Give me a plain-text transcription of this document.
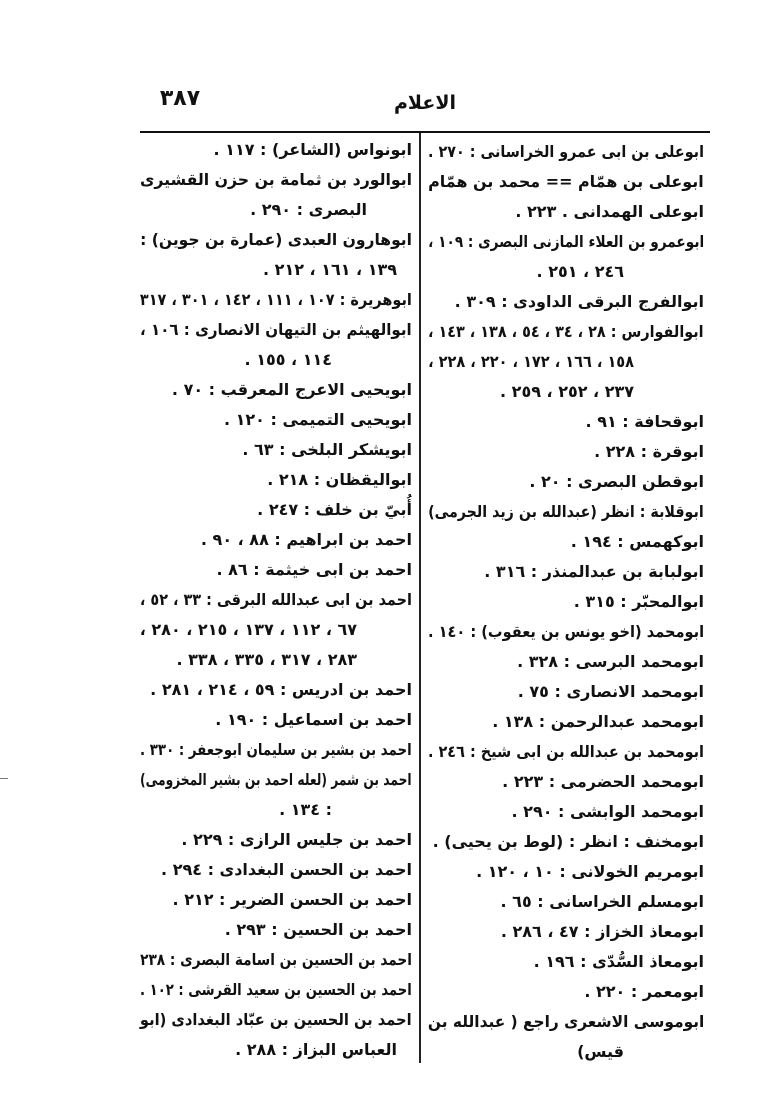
٣٨٧	الاعلام
ابوعلى بن ابى عمرو الخراسانى : ٢٧٠ .
ابوعلى بن همّام == محمد بن همّام
ابوعلى الهمدانى . ٢٢٣ .
ابوعمرو بن العلاء المازنى البصرى : ١٠٩ ،
٢٤٦ ، ٢٥١ .
ابوالفرج البرقى الداودى : ٣٠٩ .
ابوالفوارس : ٢٨ ، ٣٤ ، ٥٤ ، ١٣٨ ، ١٤٣ ،
١٥٨ ، ١٦٦ ، ١٧٢ ، ٢٢٠ ، ٢٢٨ ،
٢٣٧ ، ٢٥٢ ، ٢٥٩ .
ابوقحافة : ٩١ .
ابوقرة : ٢٢٨ .
ابوقطن البصرى : ٢٠ .
ابوقلابة : انظر (عبدالله بن زيد الجرمى)
ابوكهمس : ١٩٤ .
ابولبابة بن عبدالمنذر : ٣١٦ .
ابوالمحبّر : ٣١٥ .
ابومحمد (اخو يونس بن يعقوب) : ١٤٠ .
ابومحمد البرسى : ٣٢٨ .
ابومحمد الانصارى : ٧٥ .
ابومحمد عبدالرحمن : ١٣٨ .
ابومحمد بن عبدالله بن ابى شيخ : ٢٤٦ .
ابومحمد الحضرمى : ٢٢٣ .
ابومحمد الوابشى : ٢٩٠ .
ابومخنف : انظر : (لوط بن يحيى) .
ابومريم الخولانى : ١٠ ، ١٢٠ .
ابومسلم الخراسانى : ٦٥ .
ابومعاذ الخزاز : ٤٧ ، ٢٨٦ .
ابومعاذ السُّدّى : ١٩٦ .
ابومعمر : ٢٢٠ .
ابوموسى الاشعرى راجع ( عبدالله بن
قيس)
ابونواس (الشاعر) : ١١٧ .
ابوالورد بن ثمامة بن حزن القشيرى
البصرى : ٢٩٠ .
ابوهارون العبدى (عمارة بن جوين) :
١٣٩ ، ١٦١ ، ٢١٢ .
ابوهريرة : ١٠٧ ، ١١١ ، ١٤٢ ، ٣٠١ ، ٣١٧
ابوالهيثم بن التيهان الانصارى : ١٠٦ ،
١١٤ ، ١٥٥ .
ابويحيى الاعرج المعرقب : ٧٠ .
ابويحيى التميمى : ١٢٠ .
ابويشكر البلخى : ٦٣ .
ابواليقظان : ٢١٨ .
أُبيّ بن خلف : ٢٤٧ .
احمد بن ابراهيم : ٨٨ ، ٩٠ .
احمد بن ابى خيثمة : ٨٦ .
احمد بن ابى عبدالله البرقى : ٣٣ ، ٥٢ ،
٦٧ ، ١١٢ ، ١٣٧ ، ٢١٥ ، ٢٨٠ ،
٢٨٣ ، ٣١٧ ، ٣٣٥ ، ٣٣٨ .
احمد بن ادريس : ٥٩ ، ٢١٤ ، ٢٨١ .
احمد بن اسماعيل : ١٩٠ .
احمد بن بشير بن سليمان ابوجعفر : ٣٣٠ .
احمد بن شمر (لعله احمد بن بشير المخزومى)
: ١٣٤ .
احمد بن جليس الرازى : ٢٢٩ .
احمد بن الحسن البغدادى : ٢٩٤ .
احمد بن الحسن الضرير : ٢١٢ .
احمد بن الحسين : ٢٩٣ .
احمد بن الحسين بن اسامة البصرى : ٢٣٨
احمد بن الحسين بن سعيد القرشى : ١٠٢ .
احمد بن الحسين بن عبّاد البغدادى (ابو
العباس البزاز : ٢٨٨ .
